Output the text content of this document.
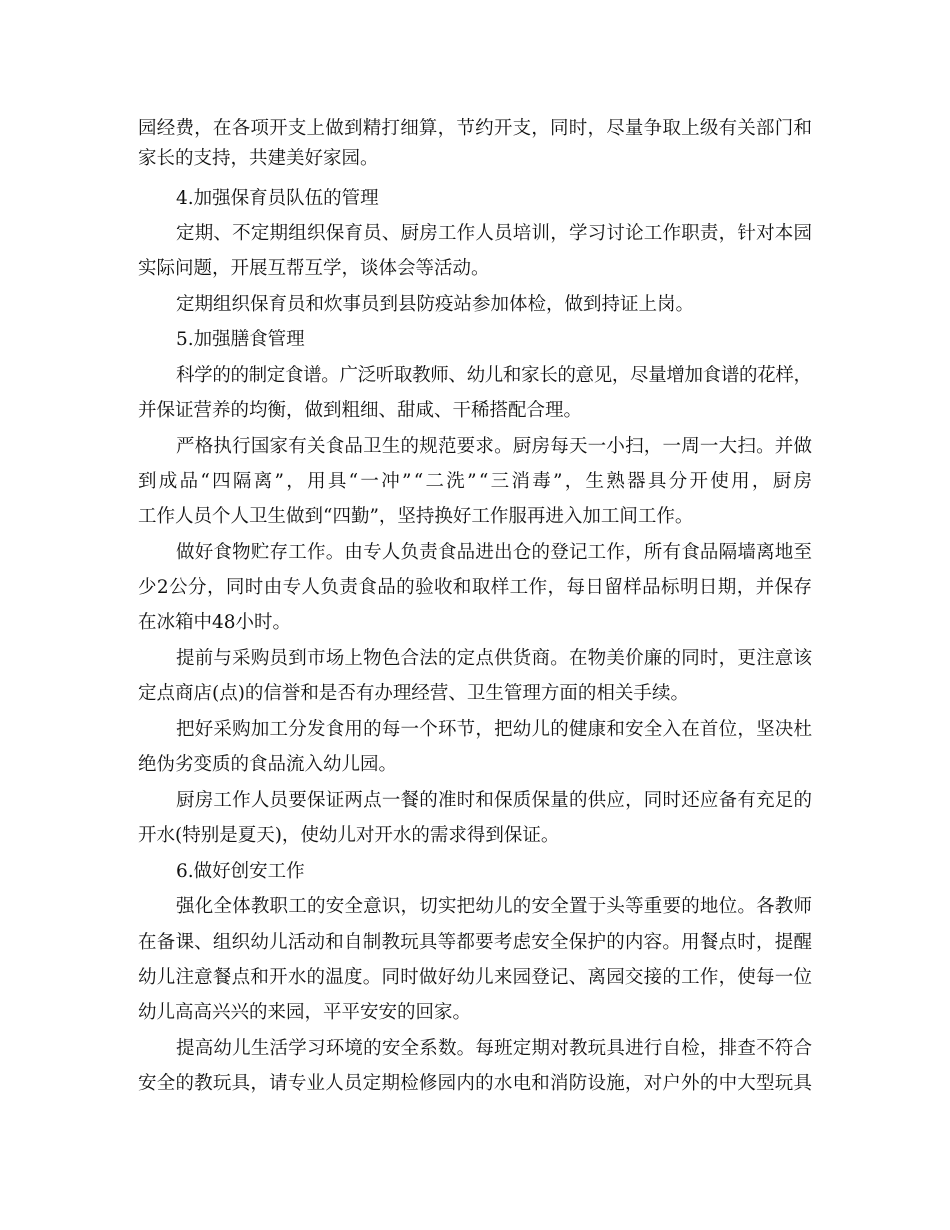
园经费，在各项开支上做到精打细算，节约开支，同时，尽量争取上级有关部门和

家长的支持，共建美好家园。

4.加强保育员队伍的管理

定期、不定期组织保育员、厨房工作人员培训，学习讨论工作职责，针对本园

实际问题，开展互帮互学，谈体会等活动。

定期组织保育员和炊事员到县防疫站参加体检，做到持证上岗。

5.加强膳食管理

科学的的制定食谱。广泛听取教师、幼儿和家长的意见，尽量增加食谱的花样，

并保证营养的均衡，做到粗细、甜咸、干稀搭配合理。

严格执行国家有关食品卫生的规范要求。厨房每天一小扫，一周一大扫。并做

到成品“四隔离”，用具“一冲”“二洗”“三消毒”，生熟器具分开使用，厨房

工作人员个人卫生做到“四勤”，坚持换好工作服再进入加工间工作。

做好食物贮存工作。由专人负责食品进出仓的登记工作，所有食品隔墙离地至

少2公分，同时由专人负责食品的验收和取样工作，每日留样品标明日期，并保存

在冰箱中48小时。

提前与采购员到市场上物色合法的定点供货商。在物美价廉的同时，更注意该

定点商店(点)的信誉和是否有办理经营、卫生管理方面的相关手续。

把好采购加工分发食用的每一个环节，把幼儿的健康和安全入在首位，坚决杜

绝伪劣变质的食品流入幼儿园。

厨房工作人员要保证两点一餐的准时和保质保量的供应，同时还应备有充足的

开水(特别是夏天)，使幼儿对开水的需求得到保证。

6.做好创安工作

强化全体教职工的安全意识，切实把幼儿的安全置于头等重要的地位。各教师

在备课、组织幼儿活动和自制教玩具等都要考虑安全保护的内容。用餐点时，提醒

幼儿注意餐点和开水的温度。同时做好幼儿来园登记、离园交接的工作，使每一位

幼儿高高兴兴的来园，平平安安的回家。

提高幼儿生活学习环境的安全系数。每班定期对教玩具进行自检，排查不符合

安全的教玩具，请专业人员定期检修园内的水电和消防设施，对户外的中大型玩具
